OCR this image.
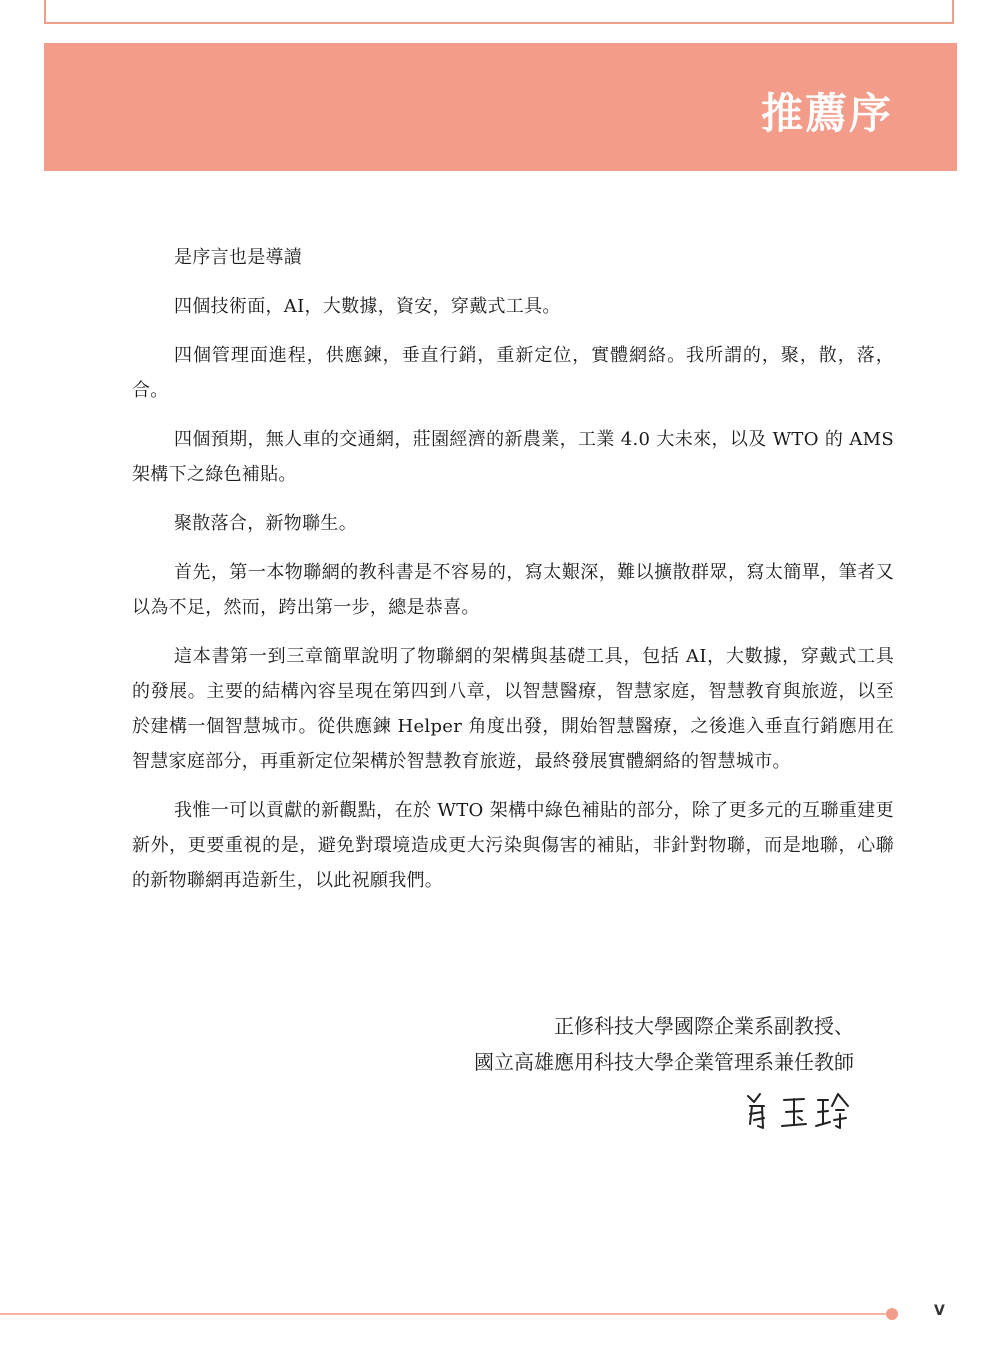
推薦序

是序言也是導讀

四個技術面，AI，大數據，資安，穿戴式工具。

四個管理面進程，供應鍊，垂直行銷，重新定位，實體網絡。我所謂的，聚，散，落，合。

四個預期，無人車的交通網，莊園經濟的新農業，工業 4.0 大未來，以及 WTO 的 AMS 架構下之綠色補貼。

聚散落合，新物聯生。

首先，第一本物聯網的教科書是不容易的，寫太艱深，難以擴散群眾，寫太簡單，筆者又以為不足，然而，跨出第一步，總是恭喜。

這本書第一到三章簡單說明了物聯網的架構與基礎工具，包括 AI，大數據，穿戴式工具的發展。主要的結構內容呈現在第四到八章，以智慧醫療，智慧家庭，智慧教育與旅遊，以至於建構一個智慧城市。從供應鍊 Helper 角度出發，開始智慧醫療，之後進入垂直行銷應用在智慧家庭部分，再重新定位架構於智慧教育旅遊，最終發展實體網絡的智慧城市。

我惟一可以貢獻的新觀點，在於 WTO 架構中綠色補貼的部分，除了更多元的互聯重建更新外，更要重視的是，避免對環境造成更大污染與傷害的補貼，非針對物聯，而是地聯，心聯的新物聯網再造新生，以此祝願我們。

正修科技大學國際企業系副教授、
國立高雄應用科技大學企業管理系兼任教師
V
